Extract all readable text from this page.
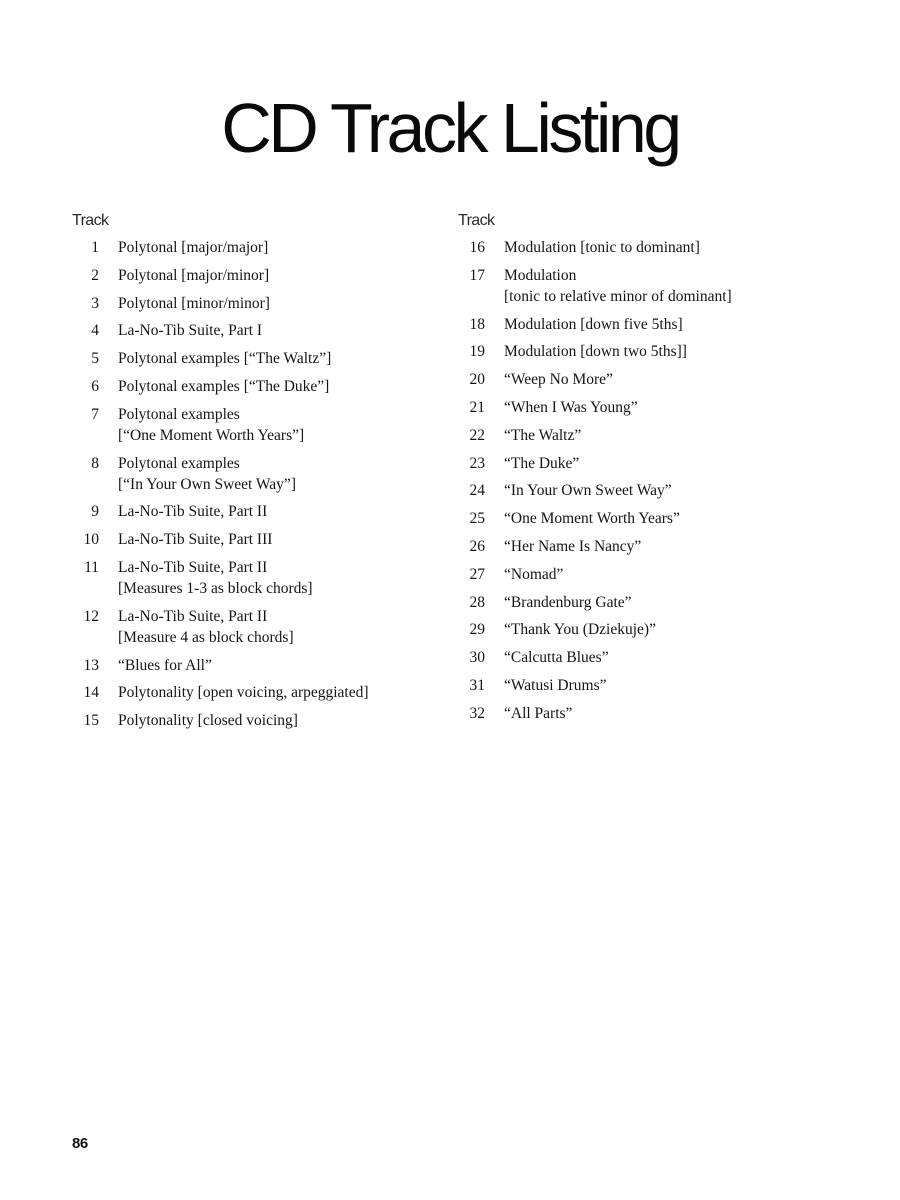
CD Track Listing
Track
1	Polytonal [major/major]
2	Polytonal [major/minor]
3	Polytonal [minor/minor]
4	La-No-Tib Suite, Part I
5	Polytonal examples [“The Waltz”]
6	Polytonal examples [“The Duke”]
7	Polytonal examples
[“One Moment Worth Years”]
8	Polytonal examples
[“In Your Own Sweet Way”]
9	La-No-Tib Suite, Part II
10	La-No-Tib Suite, Part III
11	La-No-Tib Suite, Part II
[Measures 1-3 as block chords]
12	La-No-Tib Suite, Part II
[Measure 4 as block chords]
13	“Blues for All”
14	Polytonality [open voicing, arpeggiated]
15	Polytonality [closed voicing]
Track
16	Modulation [tonic to dominant]
17	Modulation
[tonic to relative minor of dominant]
18	Modulation [down five 5ths]
19	Modulation [down two 5ths]]
20	“Weep No More”
21	“When I Was Young”
22	“The Waltz”
23	“The Duke”
24	“In Your Own Sweet Way”
25	“One Moment Worth Years”
26	“Her Name Is Nancy”
27	“Nomad”
28	“Brandenburg Gate”
29	“Thank You (Dziekuje)”
30	“Calcutta Blues”
31	“Watusi Drums”
32	“All Parts”
86
